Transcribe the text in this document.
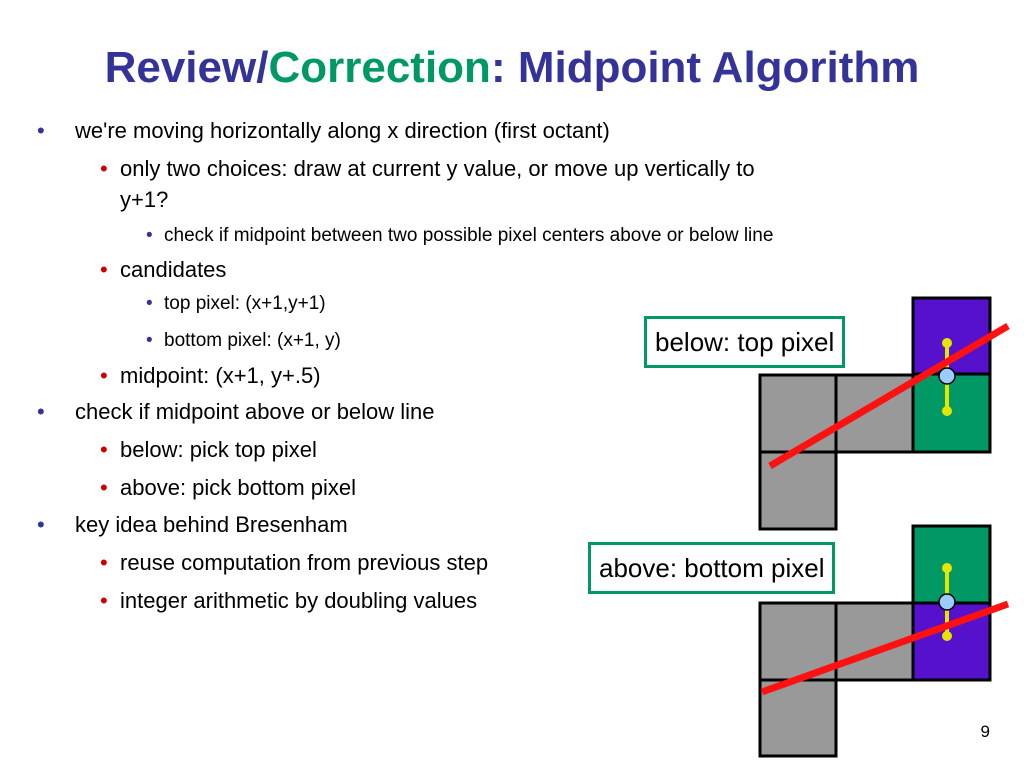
Review/Correction: Midpoint Algorithm
• we're moving horizontally along x direction (first octant)
• only two choices: draw at current y value, or move up vertically to
y+1?
• check if midpoint between two possible pixel centers above or below line
• candidates
• top pixel: (x+1,y+1)
• bottom pixel: (x+1, y)
• midpoint: (x+1, y+.5)
• check if midpoint above or below line
• below: pick top pixel
• above: pick bottom pixel
• key idea behind Bresenham
• reuse computation from previous step
• integer arithmetic by doubling values
below: top pixel
above: bottom pixel
9
